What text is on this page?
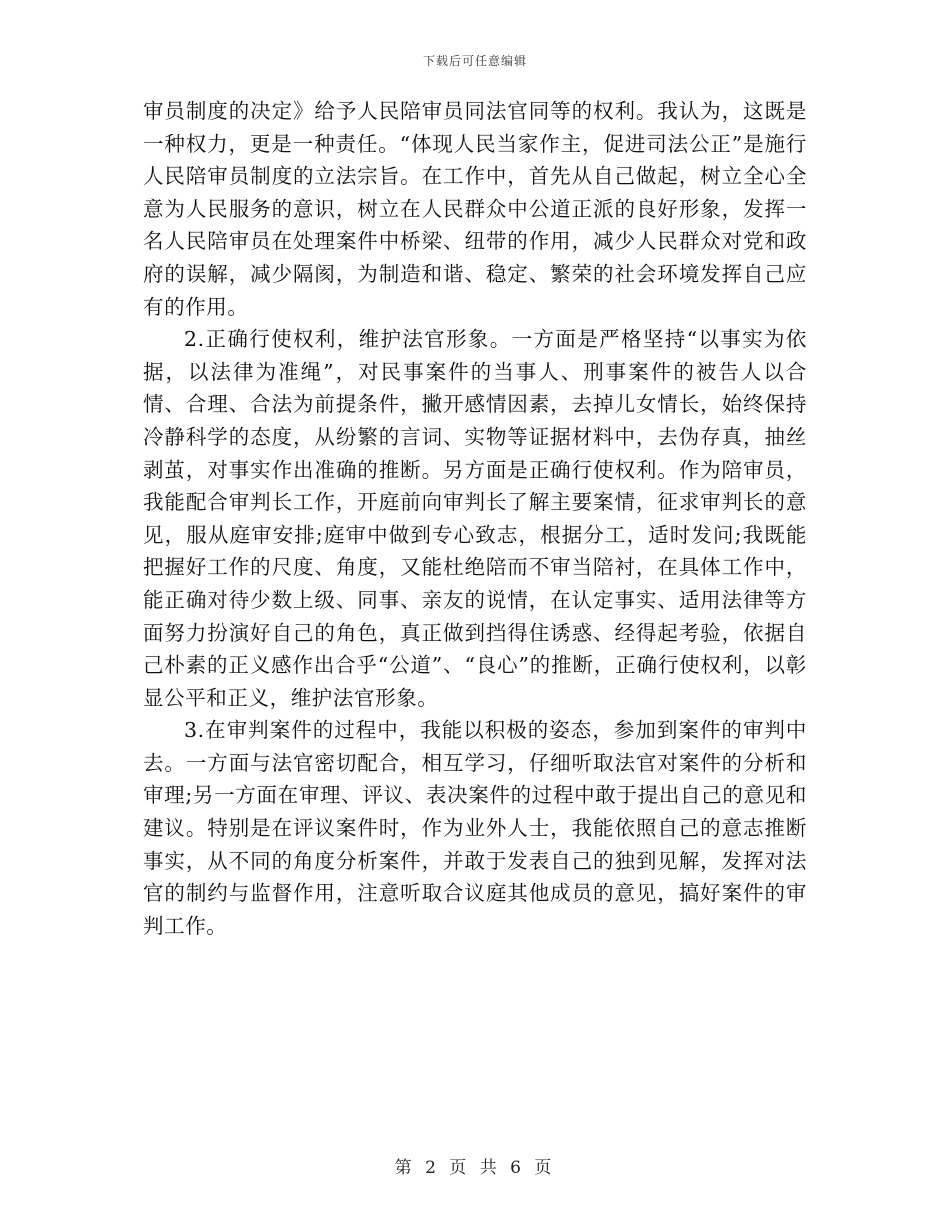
下载后可任意编辑

审员制度的决定》给予人民陪审员同法官同等的权利。我认为，这既是一种权力，更是一种责任。“体现人民当家作主，促进司法公正”是施行人民陪审员制度的立法宗旨。在工作中，首先从自己做起，树立全心全意为人民服务的意识，树立在人民群众中公道正派的良好形象，发挥一名人民陪审员在处理案件中桥梁、纽带的作用，减少人民群众对党和政府的误解，减少隔阂，为制造和谐、稳定、繁荣的社会环境发挥自己应有的作用。

2.正确行使权利，维护法官形象。一方面是严格坚持“以事实为依据，以法律为准绳”，对民事案件的当事人、刑事案件的被告人以合情、合理、合法为前提条件，撇开感情因素，去掉儿女情长，始终保持冷静科学的态度，从纷繁的言词、实物等证据材料中，去伪存真，抽丝剥茧，对事实作出准确的推断。另方面是正确行使权利。作为陪审员，我能配合审判长工作，开庭前向审判长了解主要案情，征求审判长的意见，服从庭审安排;庭审中做到专心致志，根据分工，适时发问;我既能把握好工作的尺度、角度，又能杜绝陪而不审当陪衬，在具体工作中，能正确对待少数上级、同事、亲友的说情，在认定事实、适用法律等方面努力扮演好自己的角色，真正做到挡得住诱惑、经得起考验，依据自己朴素的正义感作出合乎“公道”、“良心”的推断，正确行使权利，以彰显公平和正义，维护法官形象。

3.在审判案件的过程中，我能以积极的姿态，参加到案件的审判中去。一方面与法官密切配合，相互学习，仔细听取法官对案件的分析和审理;另一方面在审理、评议、表决案件的过程中敢于提出自己的意见和建议。特别是在评议案件时，作为业外人士，我能依照自己的意志推断事实，从不同的角度分析案件，并敢于发表自己的独到见解，发挥对法官的制约与监督作用，注意听取合议庭其他成员的意见，搞好案件的审判工作。

第 2 页 共 6 页
